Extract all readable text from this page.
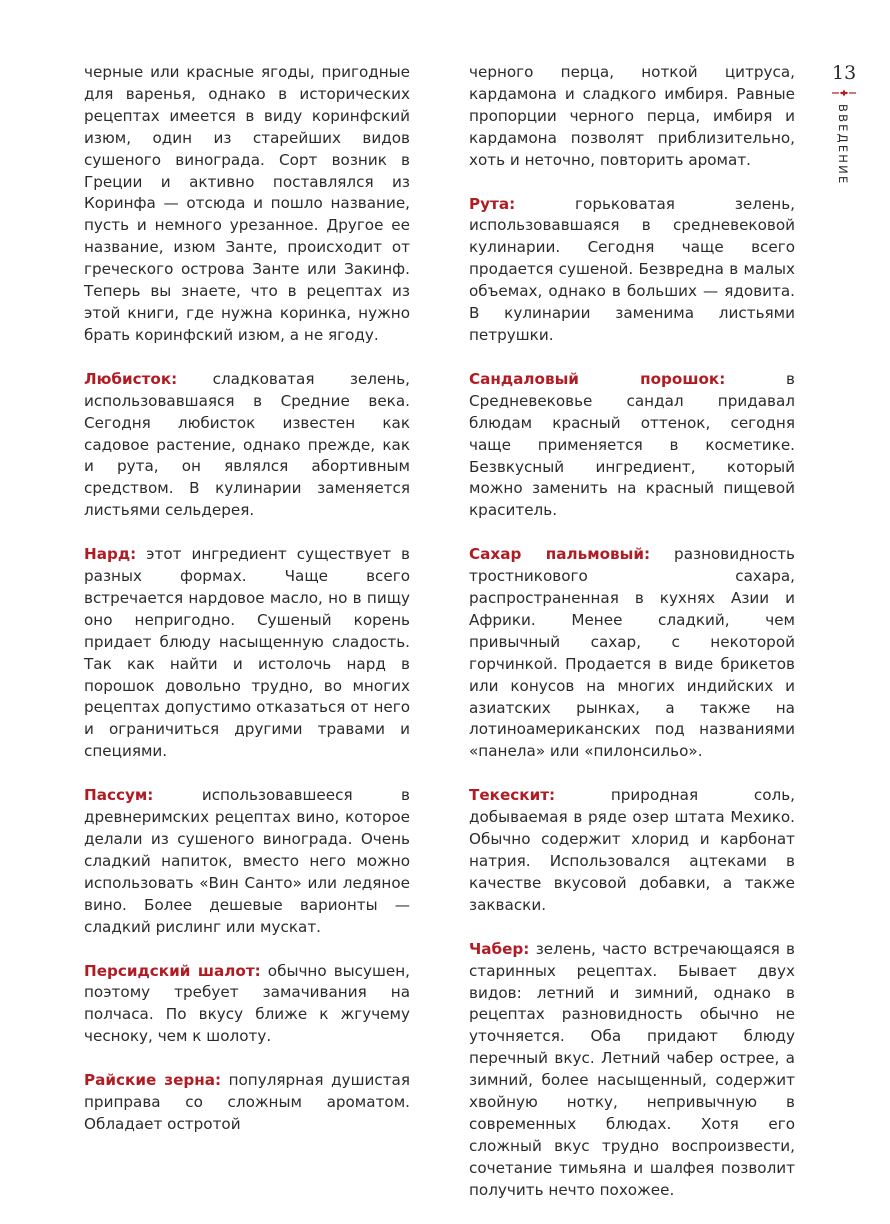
черные или красные ягоды, пригодные для варенья, однако в исторических рецептах имеется в виду коринфский изюм, один из старейших видов сушеного винограда. Сорт возник в Греции и активно поставлялся из Коринфа — отсюда и пошло название, пусть и немного урезанное. Другое ее название, изюм Занте, происходит от греческого острова Занте или Закинф. Теперь вы знаете, что в рецептах из этой книги, где нужна коринка, нужно брать коринфский изюм, а не ягоду.

Любисток: сладковатая зелень, использовавшаяся в Средние века. Сегодня любисток известен как садовое растение, однако прежде, как и рута, он являлся абортивным средством. В кулинарии заменяется листьями сельдерея.

Нард: этот ингредиент существует в разных формах. Чаще всего встречается нардовое масло, но в пищу оно непригодно. Сушеный корень придает блюду насыщенную сладость. Так как найти и истолочь нард в порошок довольно трудно, во многих рецептах допустимо отказаться от него и ограничиться другими травами и специями.

Пассум: использовавшееся в древнеримских рецептах вино, которое делали из сушеного винограда. Очень сладкий напиток, вместо него можно использовать «Вин Санто» или ледяное вино. Более дешевые варионты — сладкий рислинг или мускат.

Персидский шалот: обычно высушен, поэтому требует замачивания на полчаса. По вкусу ближе к жгучему чесноку, чем к шолоту.

Райские зерна: популярная душистая приправа со сложным ароматом. Обладает остротой

черного перца, ноткой цитруса, кардамона и сладкого имбиря. Равные пропорции черного перца, имбиря и кардамона позволят приблизительно, хоть и неточно, повторить аромат.

Рута: горьковатая зелень, использовавшаяся в средневековой кулинарии. Сегодня чаще всего продается сушеной. Безвредна в малых объемах, однако в больших — ядовита. В кулинарии заменима листьями петрушки.

Сандаловый порошок: в Средневековье сандал придавал блюдам красный оттенок, сегодня чаще применяется в косметике. Безвкусный ингредиент, который можно заменить на красный пищевой краситель.

Сахар пальмовый: разновидность тростникового сахара, распространенная в кухнях Азии и Африки. Менее сладкий, чем привычный сахар, с некоторой горчинкой. Продается в виде брикетов или конусов на многих индийских и азиатских рынках, а также на лотиноамериканских под названиями «панела» или «пилонсильо».

Текескит: природная соль, добываемая в ряде озер штата Мехико. Обычно содержит хлорид и карбонат натрия. Использовался ацтеками в качестве вкусовой добавки, а также закваски.

Чабер: зелень, часто встречающаяся в старинных рецептах. Бывает двух видов: летний и зимний, однако в рецептах разновидность обычно не уточняется. Оба придают блюду перечный вкус. Летний чабер острее, а зимний, более насыщенный, содержит хвойную нотку, непривычную в современных блюдах. Хотя его сложный вкус трудно воспроизвести, сочетание тимьяна и шалфея позволит получить нечто похожее.

13
ВВЕДЕНИЕ
